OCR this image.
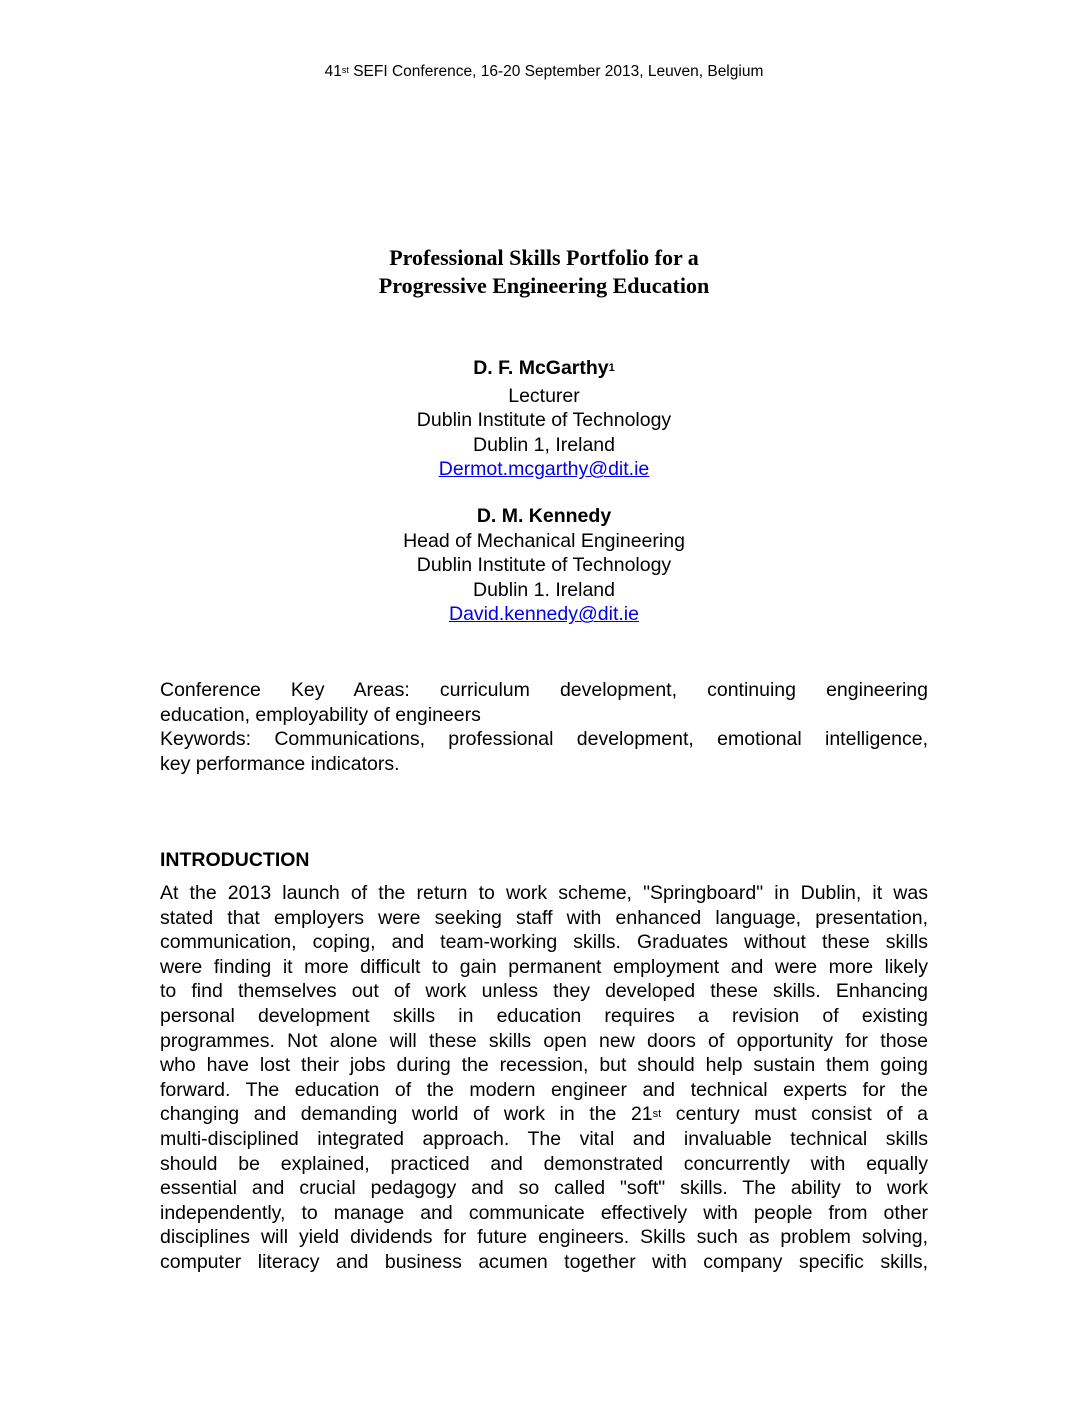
41st SEFI Conference, 16-20 September 2013, Leuven, Belgium
Professional Skills Portfolio for a
Progressive Engineering Education
D. F. McGarthy$^1$
Lecturer
Dublin Institute of Technology
Dublin 1, Ireland
Dermot.mcgarthy@dit.ie
D. M. Kennedy
Head of Mechanical Engineering
Dublin Institute of Technology
Dublin 1. Ireland
David.kennedy@dit.ie
Conference Key Areas: curriculum development, continuing engineering
education, employability of engineers
Keywords: Communications, professional development, emotional intelligence,
key performance indicators.
INTRODUCTION
At the 2013 launch of the return to work scheme, "Springboard" in Dublin, it was
stated that employers were seeking staff with enhanced language, presentation,
communication, coping, and team-working skills. Graduates without these skills
were finding it more difficult to gain permanent employment and were more likely
to find themselves out of work unless they developed these skills. Enhancing
personal development skills in education requires a revision of existing
programmes. Not alone will these skills open new doors of opportunity for those
who have lost their jobs during the recession, but should help sustain them going
forward. The education of the modern engineer and technical experts for the
changing and demanding world of work in the 21st century must consist of a
multi-disciplined integrated approach. The vital and invaluable technical skills
should be explained, practiced and demonstrated concurrently with equally
essential and crucial pedagogy and so called "soft" skills. The ability to work
independently, to manage and communicate effectively with people from other
disciplines will yield dividends for future engineers. Skills such as problem solving,
computer literacy and business acumen together with company specific skills,
